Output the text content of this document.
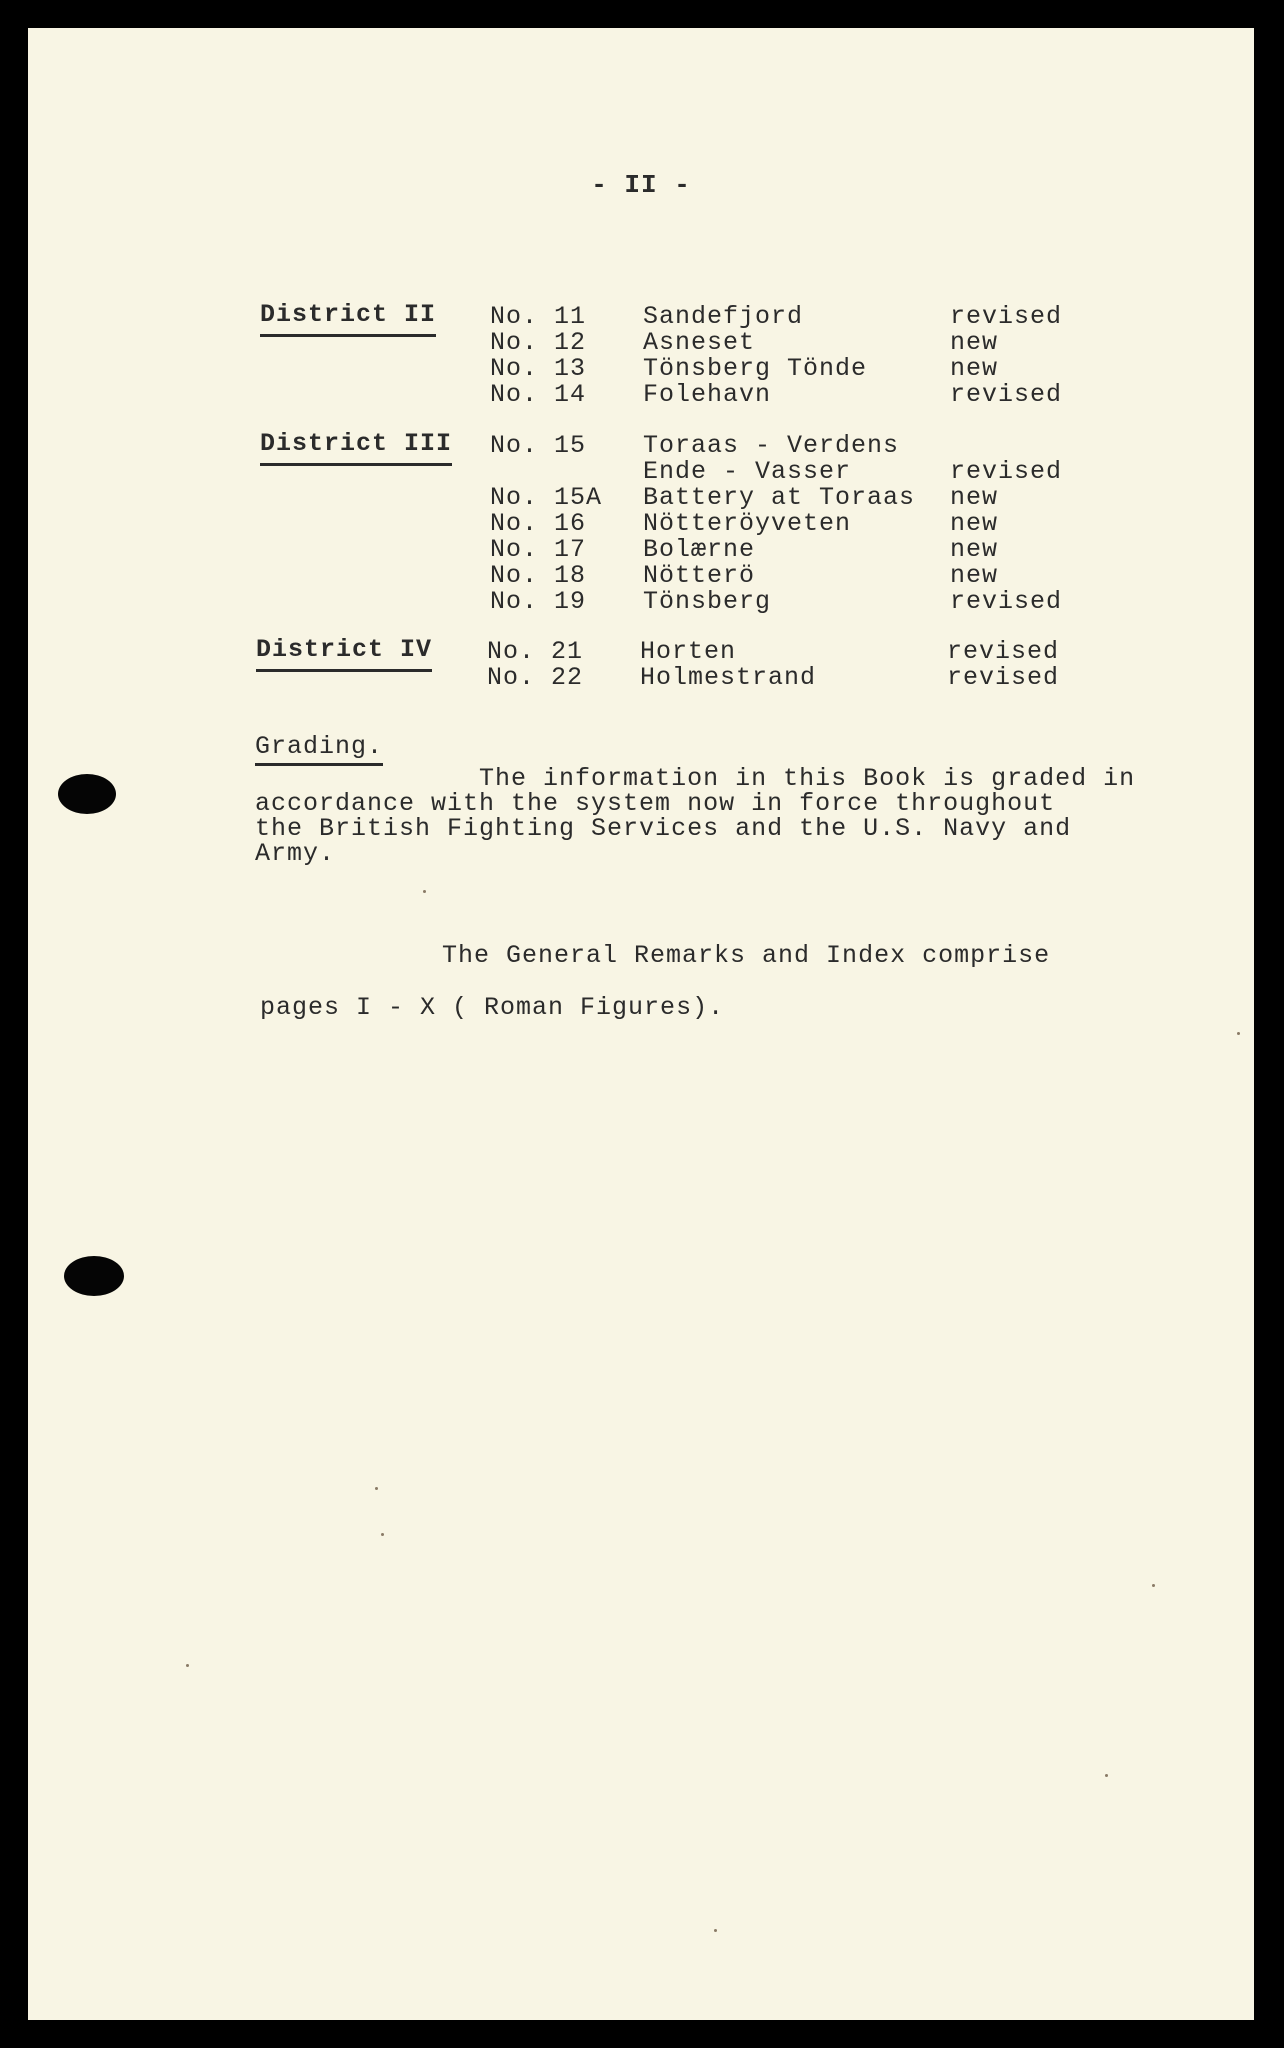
- II -
District II No. 11 Sandefjord	revised
No. 12 Asneset	new
No. 13 Tönsberg Tönde	new
No. 14 Folehavn	revised
District III No. 15 Toraas - Verdens
Ende - Vasser	revised
No. 15A Battery at Toraas new
No. 16 Nötteröyveten	new
No. 17 Bolærne	new
No. 18 Nötterö	new
No. 19 Tönsberg	revised
District IV No. 21 Horten	revised
No. 22 Holmestrand	revised
Grading.
The information in this Book is graded in
accordance with the system now in force throughout
the British Fighting Services and the U.S. Navy and
Army.
The General Remarks and Index comprise
pages I - X ( Roman Figures).
